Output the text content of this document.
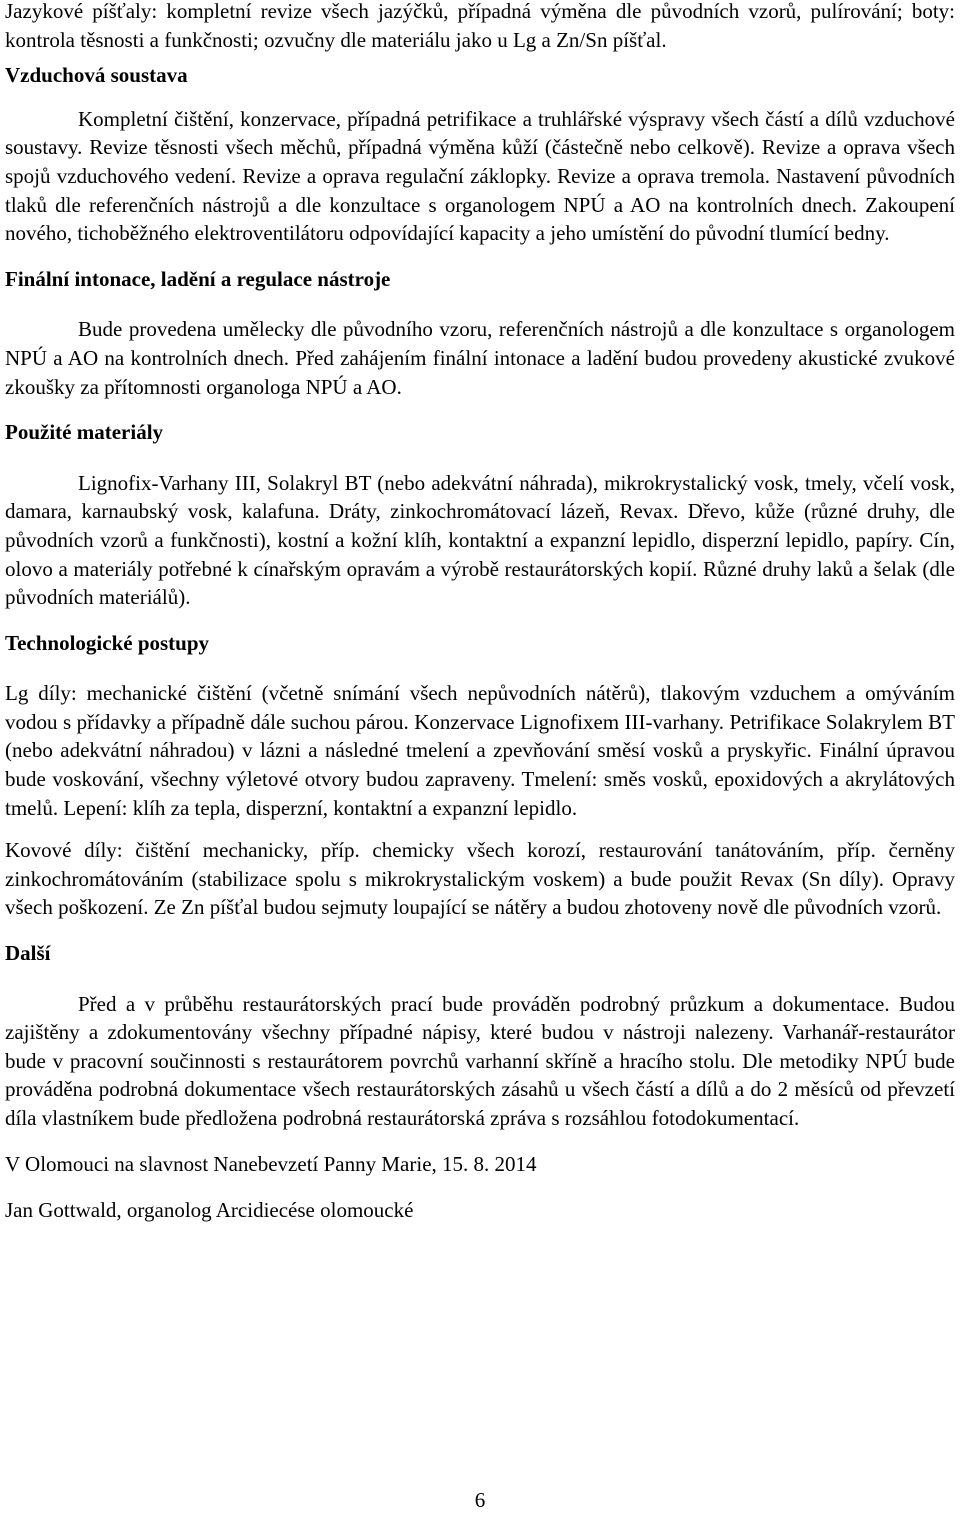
Jazykové píšťaly: kompletní revize všech jazýčků, případná výměna dle původních vzorů, pulírování; boty: kontrola těsnosti a funkčnosti; ozvučny dle materiálu jako u Lg a Zn/Sn píšťal.

Vzduchová soustava

Kompletní čištění, konzervace, případná petrifikace a truhlářské výspravy všech částí a dílů vzduchové soustavy. Revize těsnosti všech měchů, případná výměna kůží (částečně nebo celkově). Revize a oprava všech spojů vzduchového vedení. Revize a oprava regulační záklopky. Revize a oprava tremola. Nastavení původních tlaků dle referenčních nástrojů a dle konzultace s organologem NPÚ a AO na kontrolních dnech. Zakoupení nového, tichoběžného elektroventilátoru odpovídající kapacity a jeho umístění do původní tlumící bedny.

Finální intonace, ladění a regulace nástroje

Bude provedena umělecky dle původního vzoru, referenčních nástrojů a dle konzultace s organologem NPÚ a AO na kontrolních dnech. Před zahájením finální intonace a ladění budou provedeny akustické zvukové zkoušky za přítomnosti organologa NPÚ a AO.

Použité materiály

Lignofix-Varhany III, Solakryl BT (nebo adekvátní náhrada), mikrokrystalický vosk, tmely, včelí vosk, damara, karnaubský vosk, kalafuna. Dráty, zinkochromátovací lázeň, Revax. Dřevo, kůže (různé druhy, dle původních vzorů a funkčnosti), kostní a kožní klíh, kontaktní a expanzní lepidlo, disperzní lepidlo, papíry. Cín, olovo a materiály potřebné k cínařským opravám a výrobě restaurátorských kopií. Různé druhy laků a šelak (dle původních materiálů).

Technologické postupy

Lg díly: mechanické čištění (včetně snímání všech nepůvodních nátěrů), tlakovým vzduchem a omýváním vodou s přídavky a případně dále suchou párou. Konzervace Lignofixem III-varhany. Petrifikace Solakrylem BT (nebo adekvátní náhradou) v lázni a následné tmelení a zpevňování směsí vosků a pryskyřic. Finální úpravou bude voskování, všechny výletové otvory budou zapraveny. Tmelení: směs vosků, epoxidových a akrylátových tmelů. Lepení: klíh za tepla, disperzní, kontaktní a expanzní lepidlo.

Kovové díly: čištění mechanicky, příp. chemicky všech korozí, restaurování tanátováním, příp. černěny zinkochromátováním (stabilizace spolu s mikrokrystalickým voskem) a bude použit Revax (Sn díly). Opravy všech poškození. Ze Zn píšťal budou sejmuty loupající se nátěry a budou zhotoveny nově dle původních vzorů.

Další

Před a v průběhu restaurátorských prací bude prováděn podrobný průzkum a dokumentace. Budou zajištěny a zdokumentovány všechny případné nápisy, které budou v nástroji nalezeny. Varhanář-restaurátor bude v pracovní součinnosti s restaurátorem povrchů varhanní skříně a hracího stolu. Dle metodiky NPÚ bude prováděna podrobná dokumentace všech restaurátorských zásahů u všech částí a dílů a do 2 měsíců od převzetí díla vlastníkem bude předložena podrobná restaurátorská zpráva s rozsáhlou fotodokumentací.

V Olomouci na slavnost Nanebevzetí Panny Marie, 15. 8. 2014

Jan Gottwald, organolog Arcidiecése olomoucké

6
